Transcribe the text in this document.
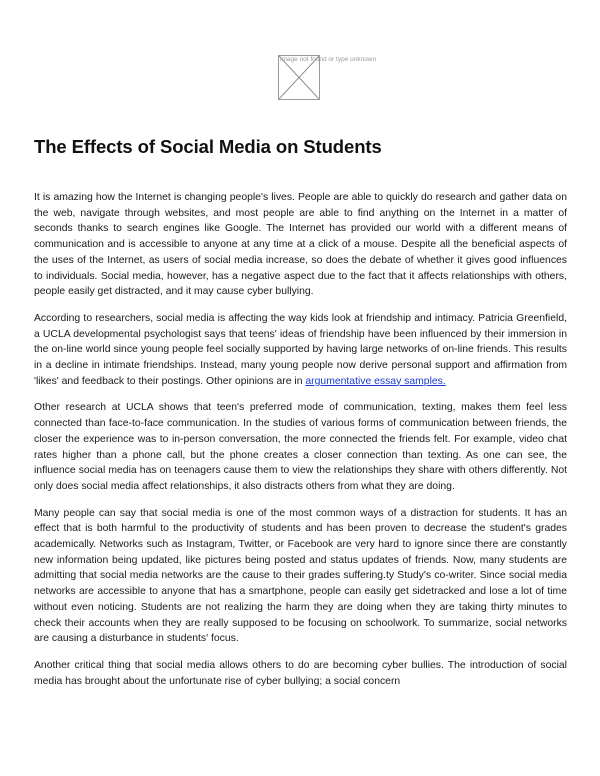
image not found or type unknown
The Effects of Social Media on Students

It is amazing how the Internet is changing people's lives. People are able to quickly do research and gather data on the web, navigate through websites, and most people are able to find anything on the Internet in a matter of seconds thanks to search engines like Google. The Internet has provided our world with a different means of communication and is accessible to anyone at any time at a click of a mouse. Despite all the beneficial aspects of the uses of the Internet, as users of social media increase, so does the debate of whether it gives good influences to individuals. Social media, however, has a negative aspect due to the fact that it affects relationships with others, people easily get distracted, and it may cause cyber bullying.

According to researchers, social media is affecting the way kids look at friendship and intimacy. Patricia Greenfield, a UCLA developmental psychologist says that teens' ideas of friendship have been influenced by their immersion in the on-line world since young people feel socially supported by having large networks of on-line friends. This results in a decline in intimate friendships. Instead, many young people now derive personal support and affirmation from 'likes' and feedback to their postings. Other opinions are in argumentative essay samples.

Other research at UCLA shows that teen's preferred mode of communication, texting, makes them feel less connected than face-to-face communication. In the studies of various forms of communication between friends, the closer the experience was to in-person conversation, the more connected the friends felt. For example, video chat rates higher than a phone call, but the phone creates a closer connection than texting. As one can see, the influence social media has on teenagers cause them to view the relationships they share with others differently. Not only does social media affect relationships, it also distracts others from what they are doing.

Many people can say that social media is one of the most common ways of a distraction for students. It has an effect that is both harmful to the productivity of students and has been proven to decrease the student's grades academically. Networks such as Instagram, Twitter, or Facebook are very hard to ignore since there are constantly new information being updated, like pictures being posted and status updates of friends. Now, many students are admitting that social media networks are the cause to their grades suffering.ty Study's co-writer. Since social media networks are accessible to anyone that has a smartphone, people can easily get sidetracked and lose a lot of time without even noticing. Students are not realizing the harm they are doing when they are taking thirty minutes to check their accounts when they are really supposed to be focusing on schoolwork. To summarize, social networks are causing a disturbance in students' focus.

Another critical thing that social media allows others to do are becoming cyber bullies. The introduction of social media has brought about the unfortunate rise of cyber bullying; a social concern
